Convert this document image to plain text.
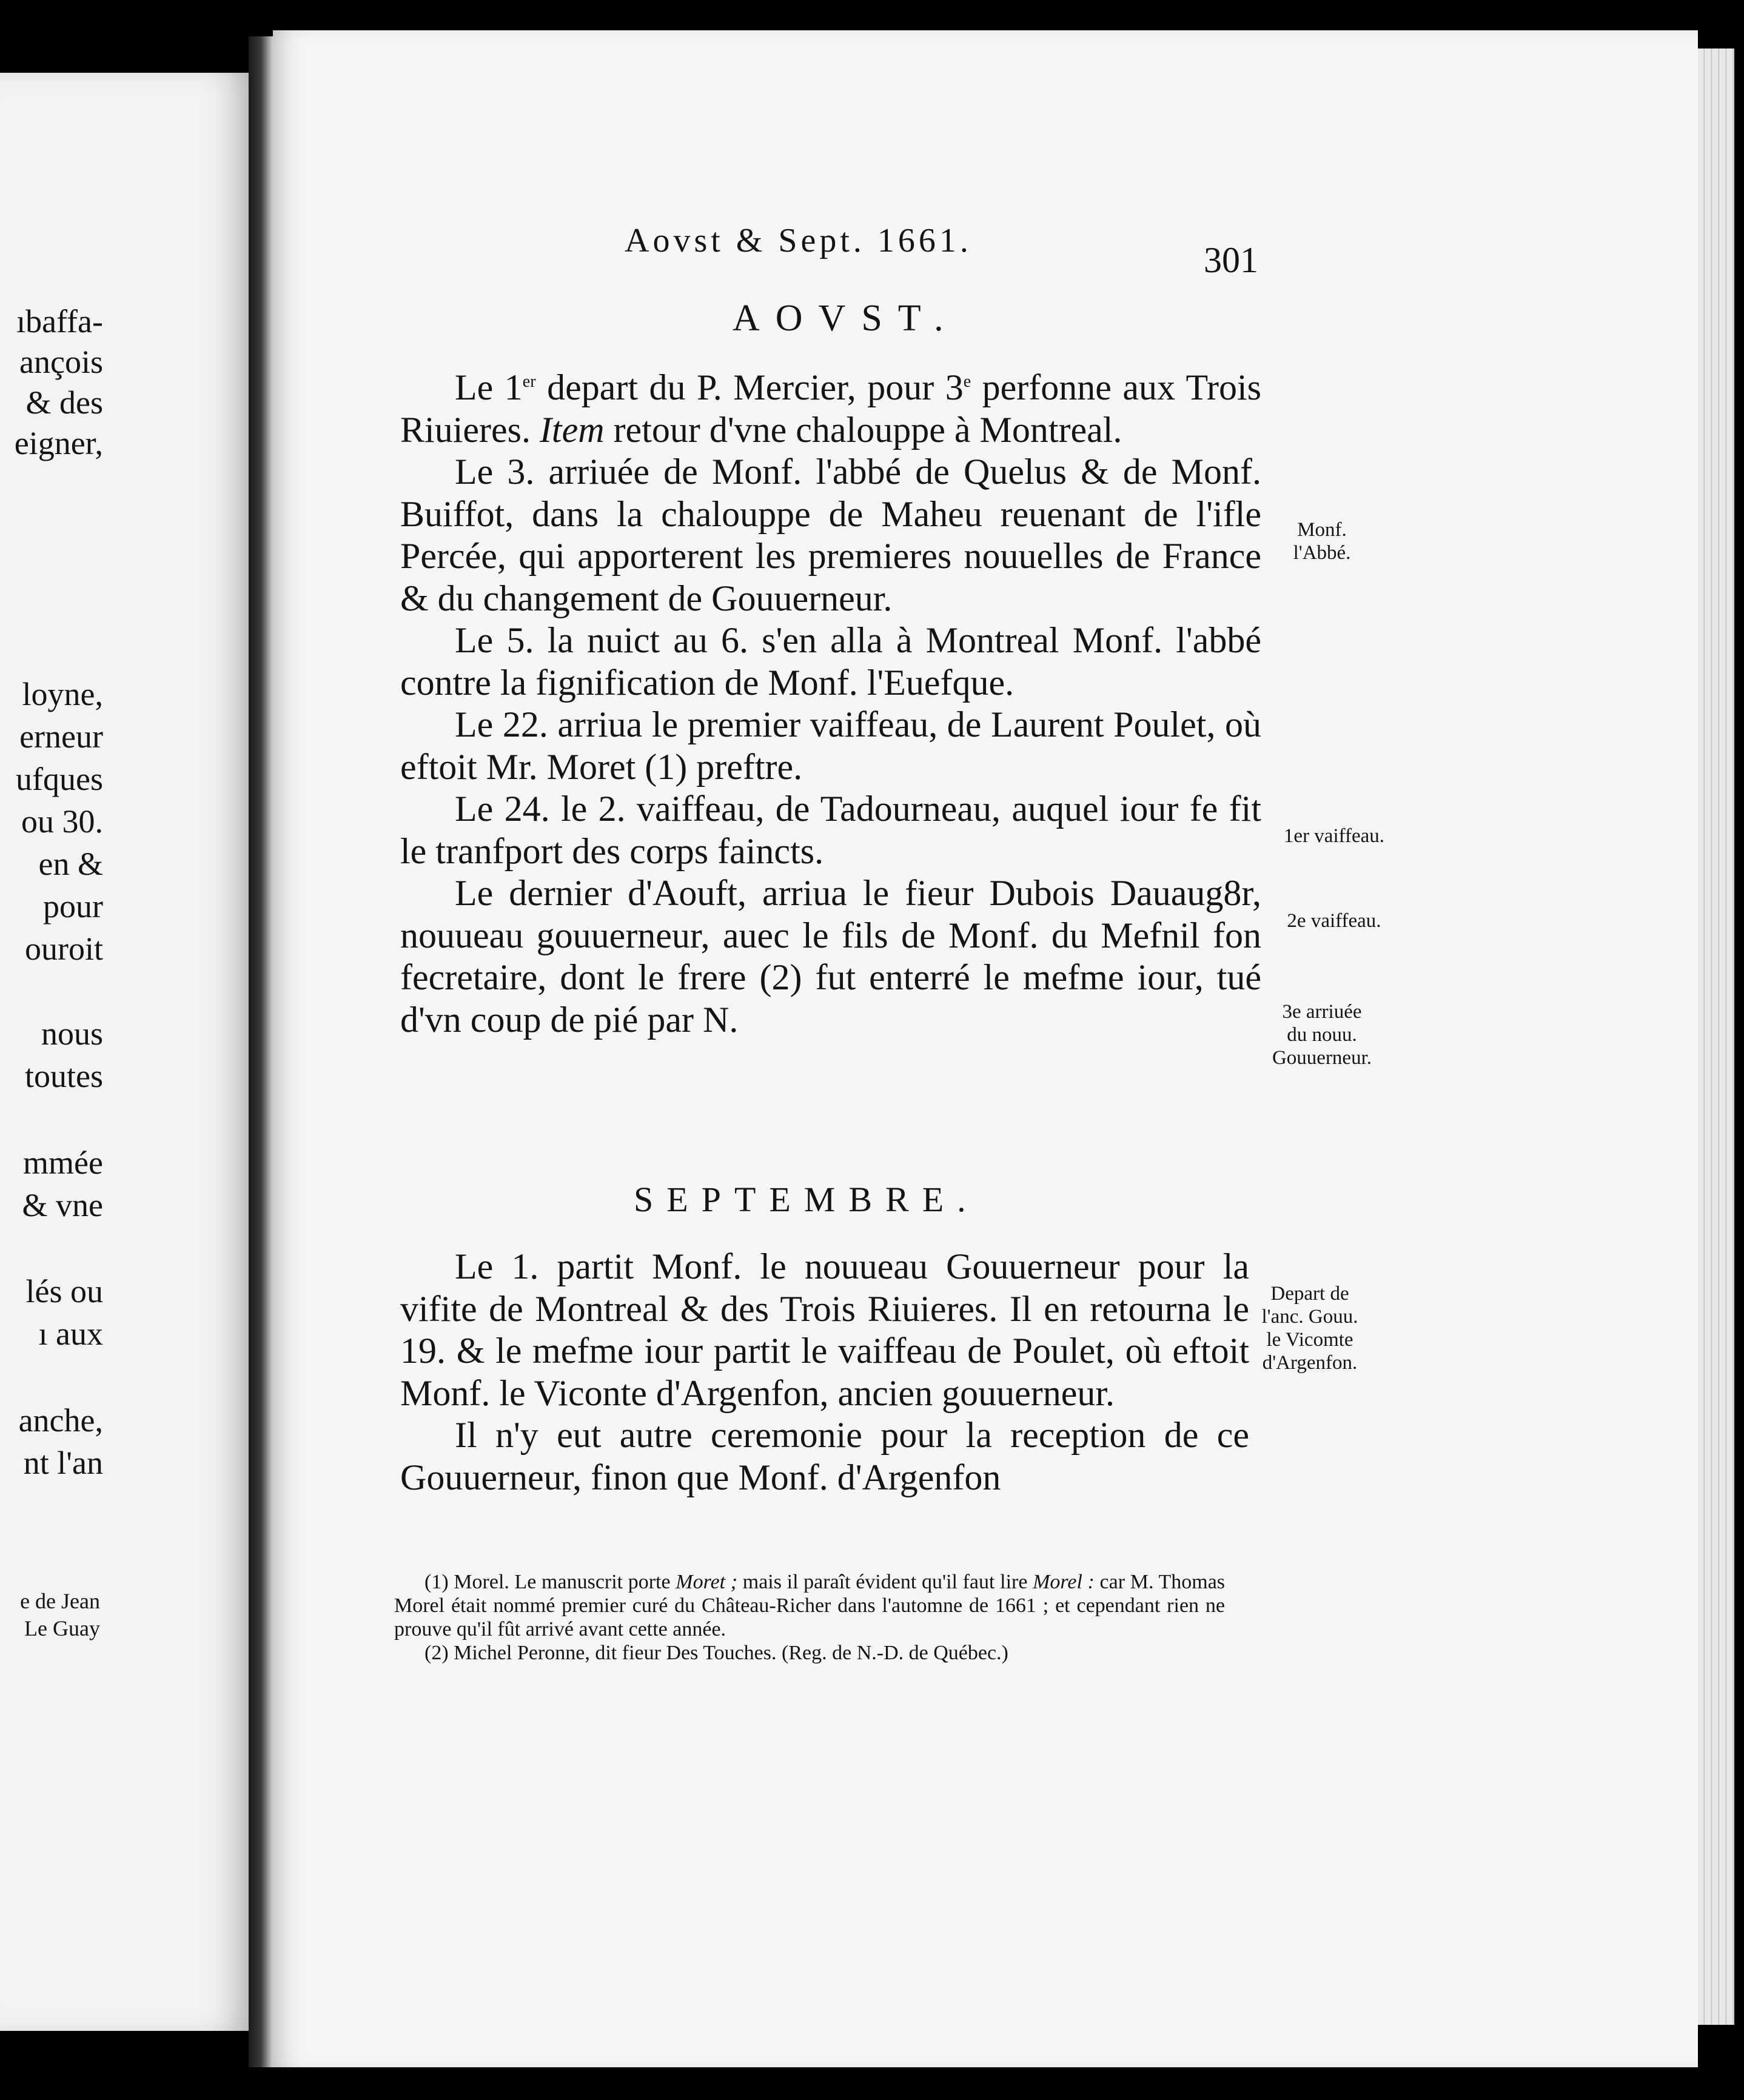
ıbaffa-
ançois
& des
eigner,
loyne,
erneur
ufques
ou 30.
en &
pour
ouroit
nous
toutes
mmée
& vne
lés ou
ı aux
anche,
nt l'an
e de Jean
Le Guay
Aovst & Sept. 1661.	301
AOVST.

Le 1er depart du P. Mercier, pour 3e perfonne aux Trois Riuieres. Item retour d'vne chalouppe à Montreal.

Le 3. arriuée de Monf. l'abbé de Quelus & de Monf. Buiffot, dans la chalouppe de Maheu reuenant de l'ifle Percée, qui apporterent les premieres nouuelles de France & du changement de Gouuerneur.

Le 5. la nuict au 6. s'en alla à Montreal Monf. l'abbé contre la fignification de Monf. l'Euefque.

Le 22. arriua le premier vaiffeau, de Laurent Poulet, où eftoit Mr. Moret (1) preftre.

Le 24. le 2. vaiffeau, de Tadourneau, auquel iour fe fit le tranfport des corps faincts.

Le dernier d'Aouft, arriua le fieur Dubois Dauaug8r, nouueau gouuerneur, auec le fils de Monf. du Mefnil fon fecretaire, dont le frere (2) fut enterré le mefme iour, tué d'vn coup de pié par N.

SEPTEMBRE.

Le 1. partit Monf. le nouueau Gouuerneur pour la vifite de Montreal & des Trois Riuieres. Il en retourna le 19. & le mefme iour partit le vaiffeau de Poulet, où eftoit Monf. le Viconte d'Argenfon, ancien gouuerneur.

Il n'y eut autre ceremonie pour la reception de ce Gouuerneur, finon que Monf. d'Argenfon

Monf.
l'Abbé.
1er vaiffeau.
2e vaiffeau.
3e arriuée
du nouu.
Gouuerneur.
Depart de
l'anc. Gouu.
le Vicomte
d'Argenfon.

(1) Morel. Le manuscrit porte Moret ; mais il paraît évident qu'il faut lire Morel : car M. Thomas Morel était nommé premier curé du Château-Richer dans l'automne de 1661 ; et cependant rien ne prouve qu'il fût arrivé avant cette année.

(2) Michel Peronne, dit fieur Des Touches. (Reg. de N.-D. de Québec.)
